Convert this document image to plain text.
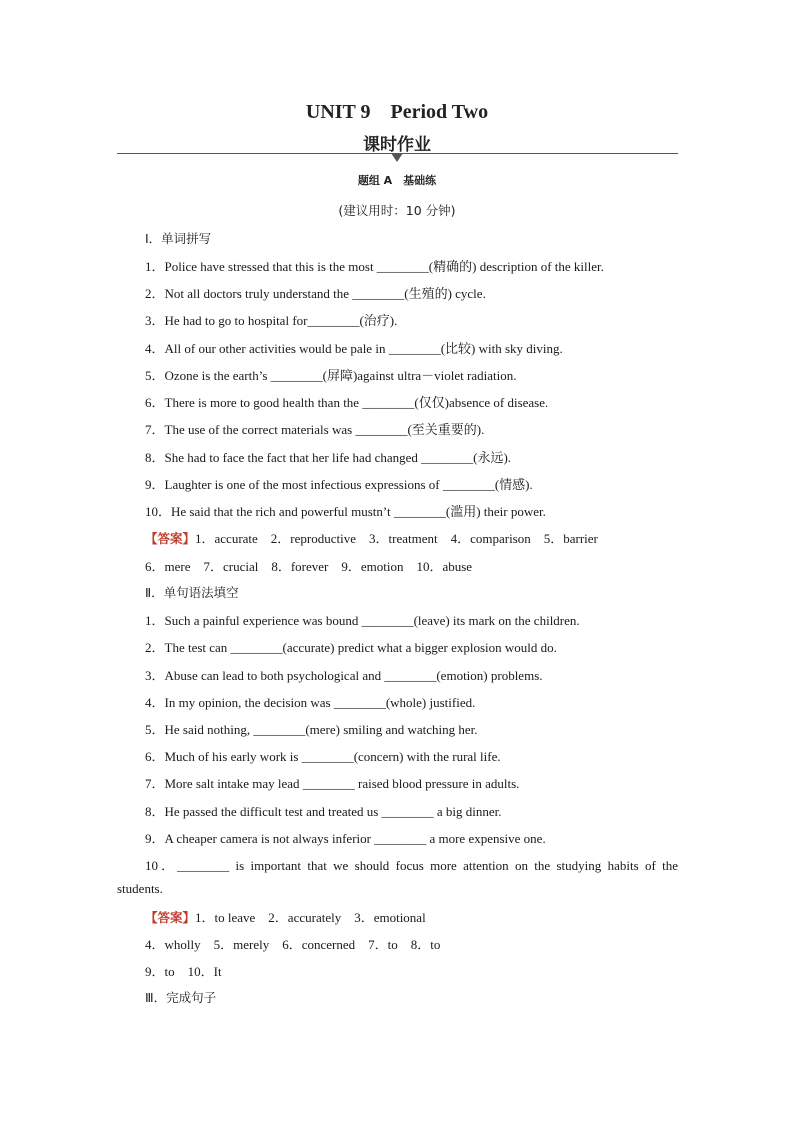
UNIT 9　Period Two
课时作业
题组 A　基础练
(建议用时：10 分钟)
Ⅰ．单词拼写
1．Police have stressed that this is the most ________(精确的) description of the killer.
2．Not all doctors truly understand the ________(生殖的) cycle.
3．He had to go to hospital for________(治疗).
4．All of our other activities would be pale in ________(比较) with sky diving.
5．Ozone is the earth’s ________(屏障)against ultra－violet radiation.
6．There is more to good health than the ________(仅仅)absence of disease.
7．The use of the correct materials was ________(至关重要的).
8．She had to face the fact that her life had changed ________(永远).
9．Laughter is one of the most infectious expressions of ________(情感).
10．He said that the rich and powerful mustn’t ________(滥用) their power.
【答案】1．accurate　2．reproductive　3．treatment　4．comparison　5．barrier
6．mere　7．crucial　8．forever　9．emotion　10．abuse
Ⅱ．单句语法填空
1．Such a painful experience was bound ________(leave) its mark on the children.
2．The test can ________(accurate) predict what a bigger explosion would do.
3．Abuse can lead to both psychological and ________(emotion) problems.
4．In my opinion, the decision was ________(whole) justified.
5．He said nothing, ________(mere) smiling and watching her.
6．Much of his early work is ________(concern) with the rural life.
7．More salt intake may lead ________ raised blood pressure in adults.
8．He passed the difficult test and treated us ________ a big dinner.
9．A cheaper camera is not always inferior ________ a more expensive one.
10．________ is important that we should focus more attention on the studying habits of the
students.
【答案】1．to leave　2．accurately　3．emotional
4．wholly　5．merely　6．concerned　7．to　8．to
9．to　10．It
Ⅲ．完成句子
